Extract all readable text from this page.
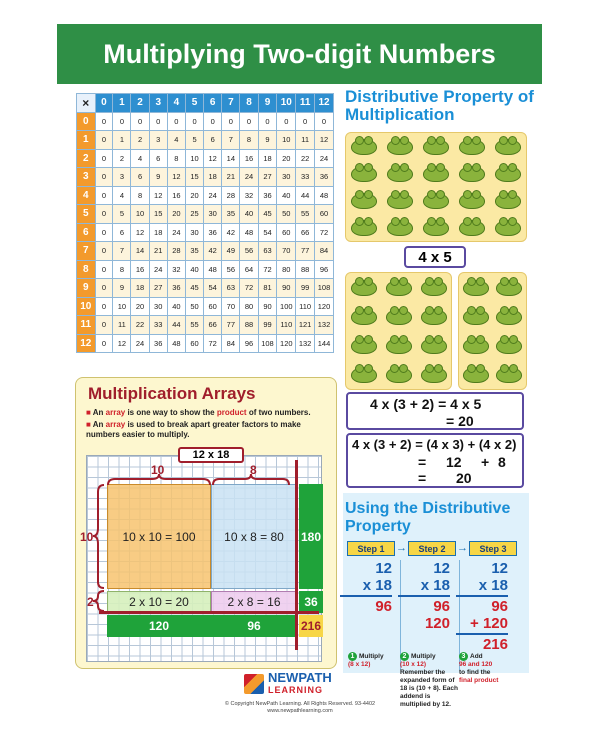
Multiplying Two-digit Numbers
×	0	1	2	3	4	5	6	7	8	9	10	11	12
0	0	0	0	0	0	0	0	0	0	0	0	0	0
1	0	1	2	3	4	5	6	7	8	9	10	11	12
2	0	2	4	6	8	10	12	14	16	18	20	22	24
3	0	3	6	9	12	15	18	21	24	27	30	33	36
4	0	4	8	12	16	20	24	28	32	36	40	44	48
5	0	5	10	15	20	25	30	35	40	45	50	55	60
6	0	6	12	18	24	30	36	42	48	54	60	66	72
7	0	7	14	21	28	35	42	49	56	63	70	77	84
8	0	8	16	24	32	40	48	56	64	72	80	88	96
9	0	9	18	27	36	45	54	63	72	81	90	99	108
10	0	10	20	30	40	50	60	70	80	90	100	110	120
11	0	11	22	33	44	55	66	77	88	99	110	121	132
12	0	12	24	36	48	60	72	84	96	108	120	132	144
Distributive Property of Multiplication
4 x 5
4 x (3 + 2) = 4 x 5
= 20
4 x (3 + 2) = (4 x 3) + (4 x 2)
= 12 + 8
= 20
Multiplication Arrays
■ An array is one way to show the product of two numbers.
■ An array is used to break apart greater factors to make numbers easier to multiply.
10 x 10 = 100	10 x 8 = 80
2 x 10 = 20	2 x 8 = 16
180
36
120	96	216
12 x 18
10	8
10
2
Using the Distributive Property
Step 1	Step 2	Step 3
→	→
12
x 18
96
12
x 18
96
120
12
x 18
96
+ 120
216
1 Multiply
(8 x 12)
2 Multiply
(10 x 12)
Remember the expanded form of 18 is (10 + 8). Each addend is multiplied by 12.
3 Add
96 and 120
to find the
final product
NEWPATH
LEARNING
© Copyright NewPath Learning. All Rights Reserved. 93-4402
www.newpathlearning.com
